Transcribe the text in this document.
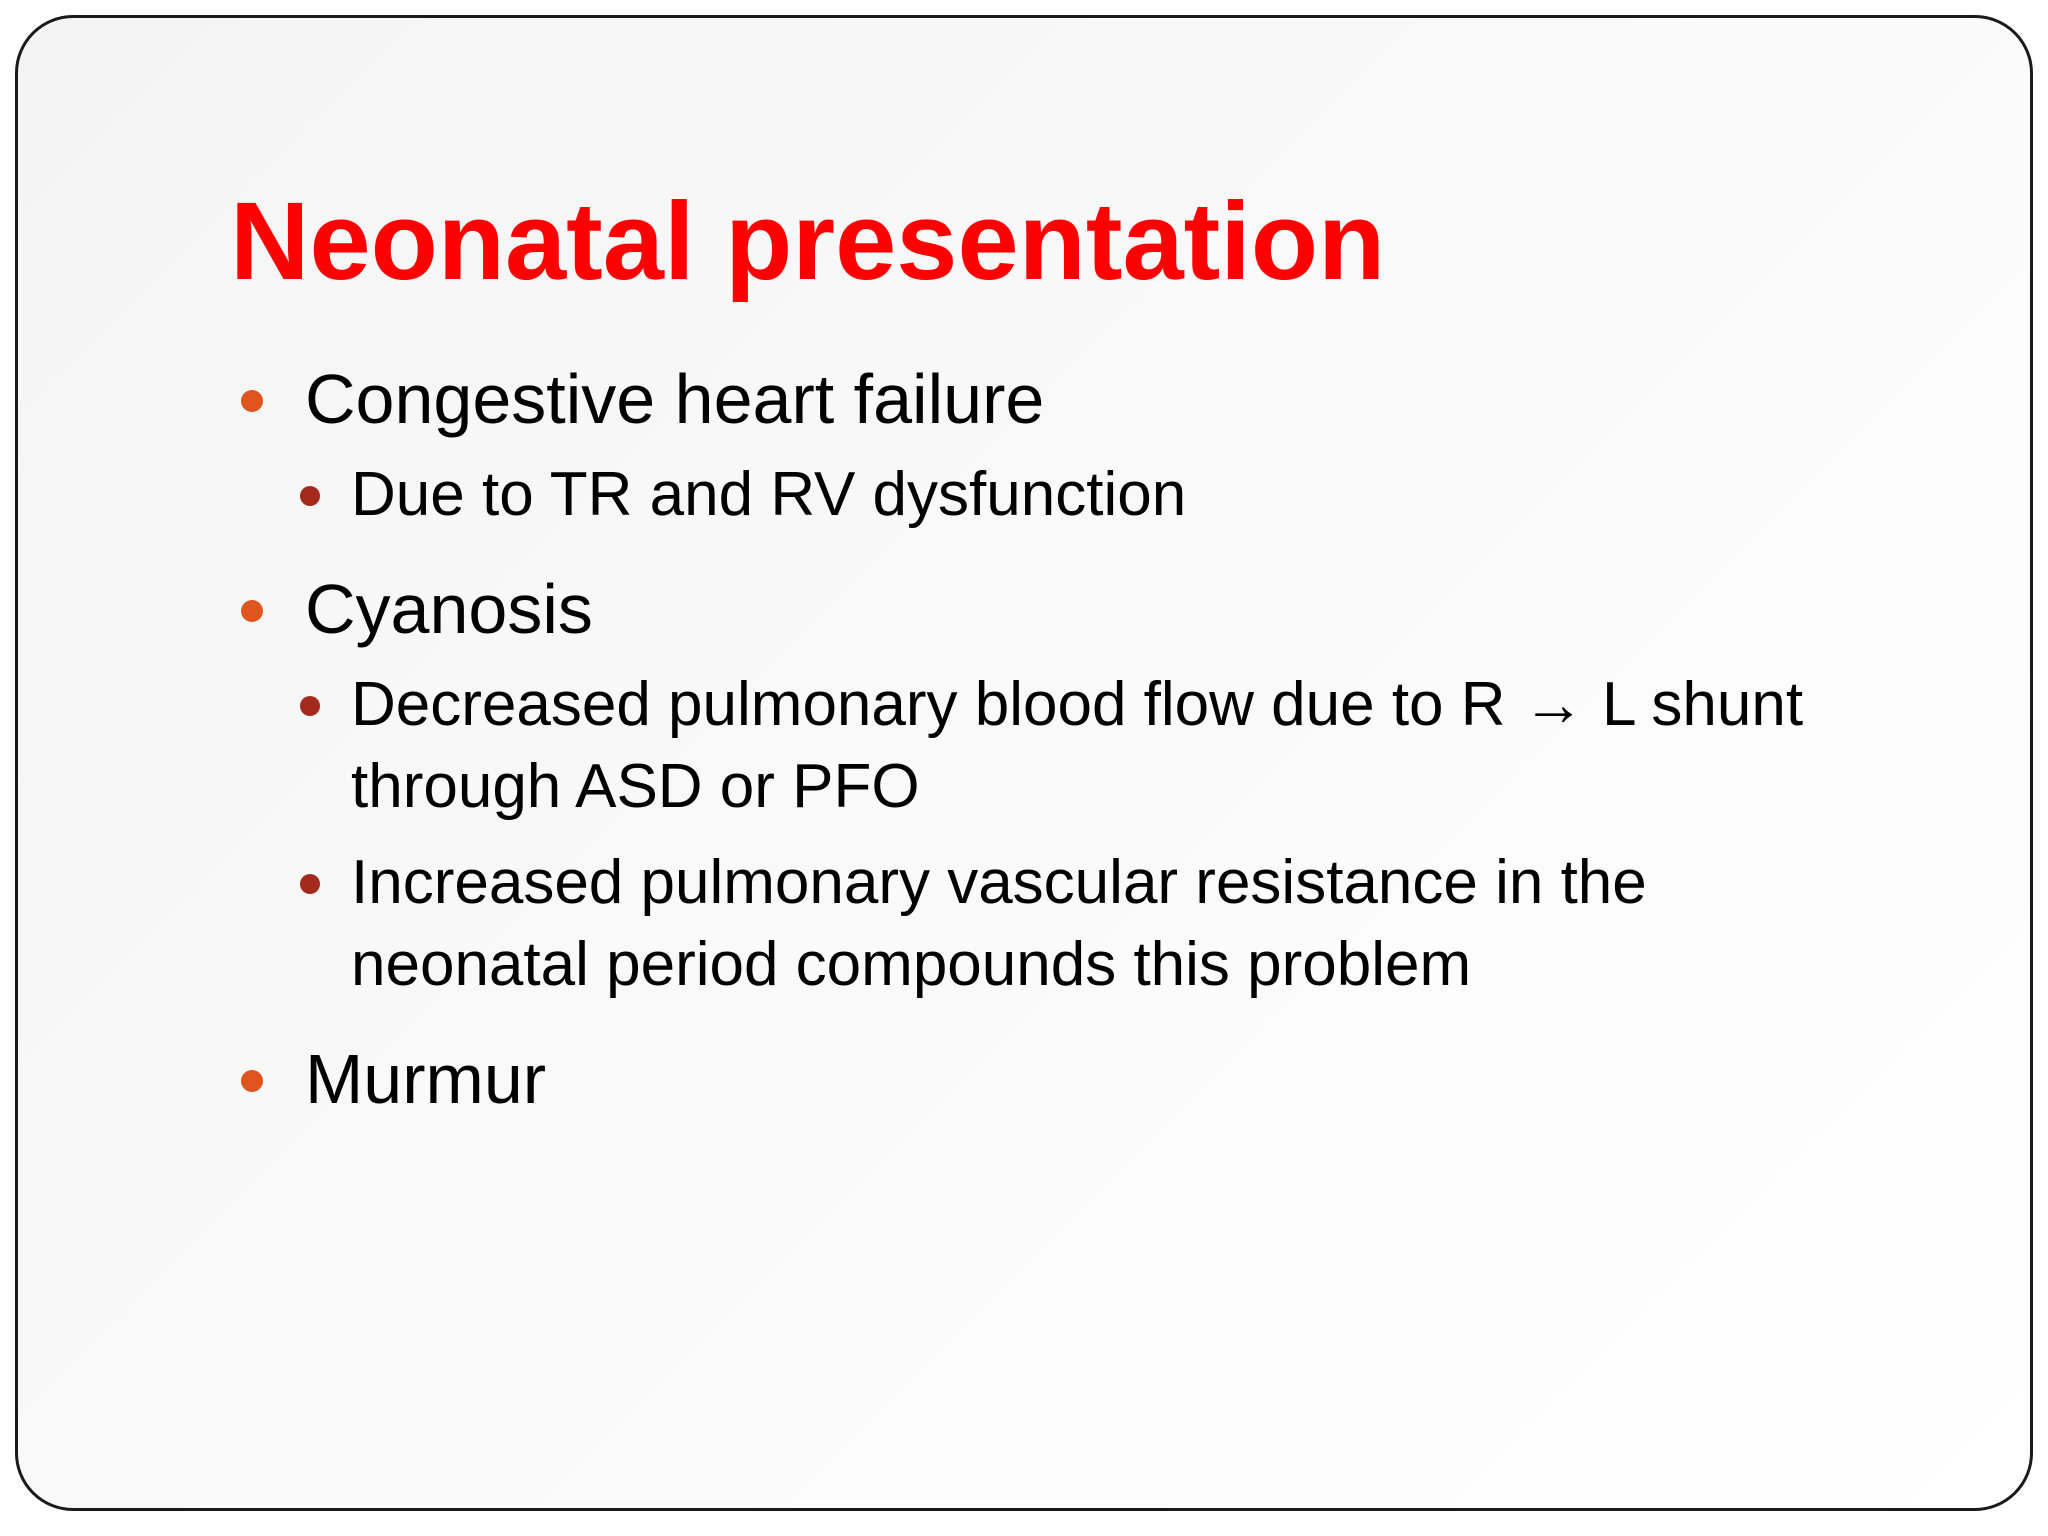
Neonatal presentation
Congestive heart failure
Due to TR and RV dysfunction
Cyanosis
Decreased pulmonary blood flow due to R → L shunt through ASD or PFO
Increased pulmonary vascular resistance in the neonatal period compounds this problem
Murmur
